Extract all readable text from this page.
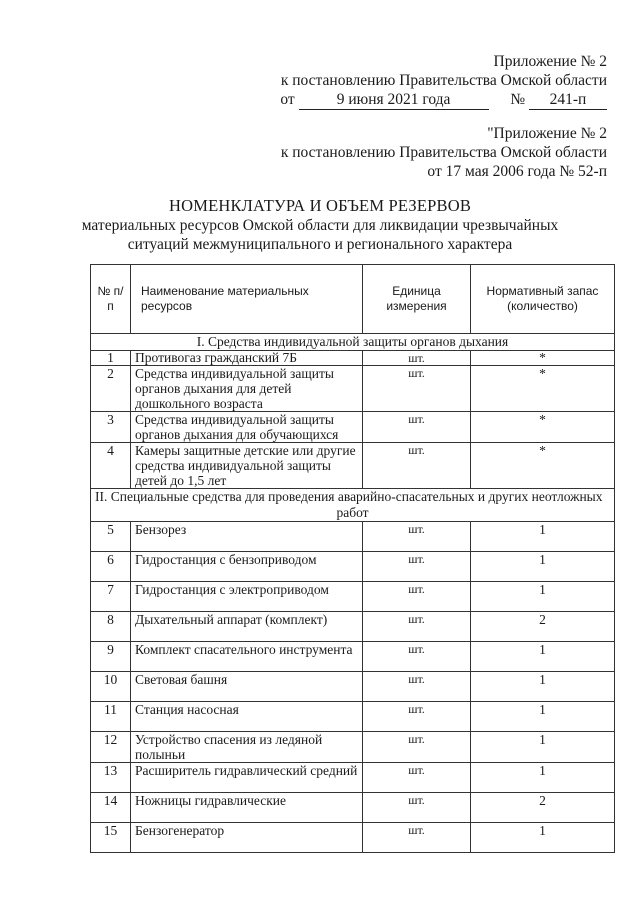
Приложение № 2
к постановлению Правительства Омской области
от	9 июня 2021 года	№ 241-п
"Приложение № 2
к постановлению Правительства Омской области
от 17 мая 2006 года № 52-п
НОМЕНКЛАТУРА И ОБЪЕМ РЕЗЕРВОВ
материальных ресурсов Омской области для ликвидации чрезвычайных
ситуаций межмуниципального и регионального характера
№ п/п	Наименование материальных ресурсов	Единица измерения	Нормативный запас (количество)
I. Средства индивидуальной защиты органов дыхания			
1	Противогаз гражданский 7Б	шт.	*
2	Средства индивидуальной защиты органов дыхания для детей дошкольного возраста	шт.	*
3	Средства индивидуальной защиты органов дыхания для обучающихся	шт.	*
4	Камеры защитные детские или другие средства индивидуальной защиты детей до 1,5 лет	шт.	*
II. Специальные средства для проведения аварийно-спасательных и других неотложных
работ			

5	Бензорез	шт.	1
6	Гидростанция с бензоприводом	шт.	1
7	Гидростанция с электроприводом	шт.	1
8	Дыхательный аппарат (комплект)	шт.	2
9	Комплект спасательного инструмента	шт.	1
10	Световая башня	шт.	1
11	Станция насосная	шт.	1
12	Устройство спасения из ледяной полыньи	шт.	1
13	Расширитель гидравлический средний	шт.	1
14	Ножницы гидравлические	шт.	2
15	Бензогенератор	шт.	1
